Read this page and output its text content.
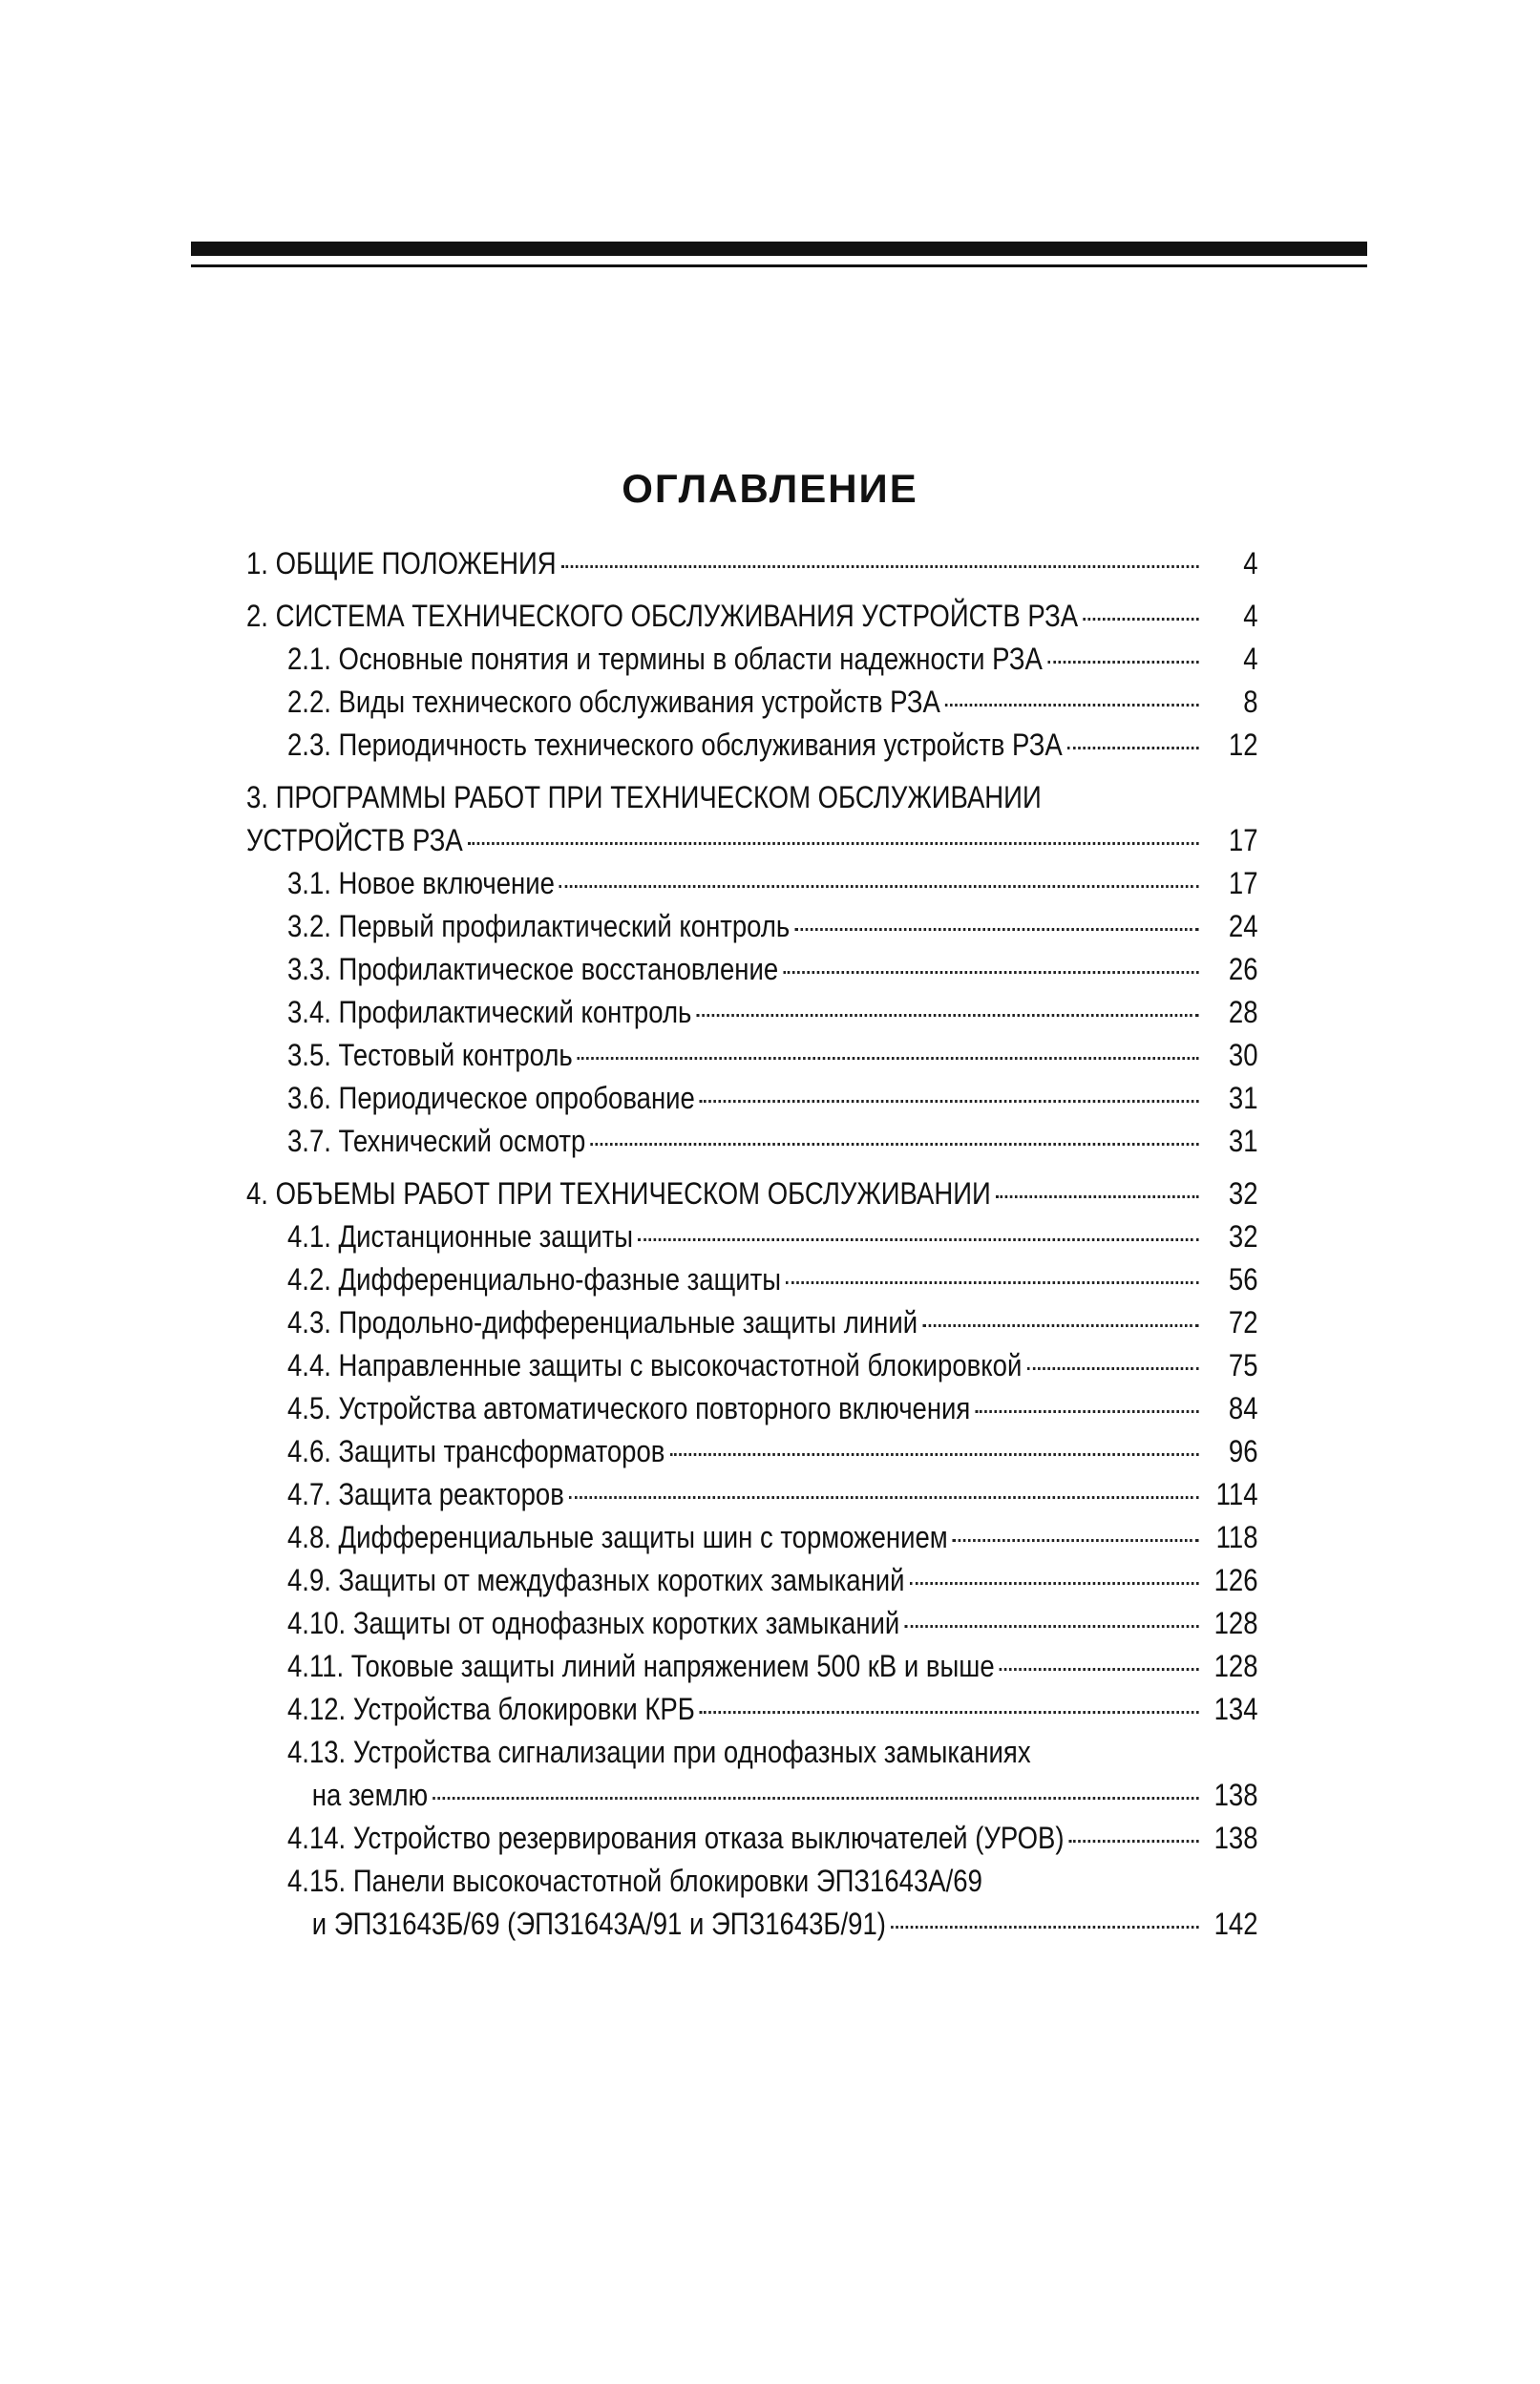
ОГЛАВЛЕНИЕ
1. ОБЩИЕ ПОЛОЖЕНИЯ	4
2. СИСТЕМА ТЕХНИЧЕСКОГО ОБСЛУЖИВАНИЯ УСТРОЙСТВ РЗА	4
2.1. Основные понятия и термины в области надежности РЗА	4
2.2. Виды технического обслуживания устройств РЗА	8
2.3. Периодичность технического обслуживания устройств РЗА	12
3. ПРОГРАММЫ РАБОТ ПРИ ТЕХНИЧЕСКОМ ОБСЛУЖИВАНИИ
УСТРОЙСТВ РЗА	17
3.1. Новое включение	17
3.2. Первый профилактический контроль	24
3.3. Профилактическое восстановление	26
3.4. Профилактический контроль	28
3.5. Тестовый контроль	30
3.6. Периодическое опробование	31
3.7. Технический осмотр	31
4. ОБЪЕМЫ РАБОТ ПРИ ТЕХНИЧЕСКОМ ОБСЛУЖИВАНИИ	32
4.1. Дистанционные защиты	32
4.2. Дифференциально-фазные защиты	56
4.3. Продольно-дифференциальные защиты линий	72
4.4. Направленные защиты с высокочастотной блокировкой	75
4.5. Устройства автоматического повторного включения	84
4.6. Защиты трансформаторов	96
4.7. Защита реакторов	114
4.8. Дифференциальные защиты шин с торможением	118
4.9. Защиты от междуфазных коротких замыканий	126
4.10. Защиты от однофазных коротких замыканий	128
4.11. Токовые защиты линий напряжением 500 кВ и выше	128
4.12. Устройства блокировки КРБ	134
4.13. Устройства сигнализации при однофазных замыканиях
на землю	138
4.14. Устройство резервирования отказа выключателей (УРОВ)	138
4.15. Панели высокочастотной блокировки ЭПЗ1643А/69
и ЭПЗ1643Б/69 (ЭПЗ1643А/91 и ЭПЗ1643Б/91)	142
